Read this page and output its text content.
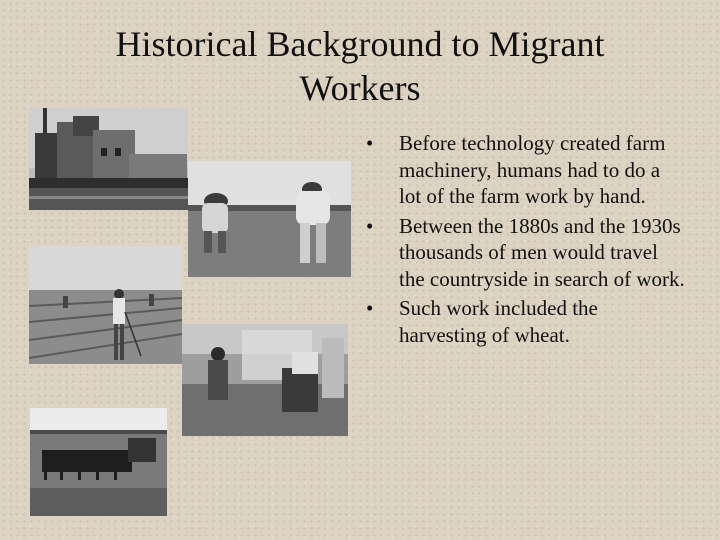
Historical Background to Migrant
Workers
• Before technology created farm machinery, humans had to do a lot of the farm work by hand.
• Between the 1880s and the 1930s thousands of men would travel the countryside in search of work.
• Such work included the harvesting of wheat.
